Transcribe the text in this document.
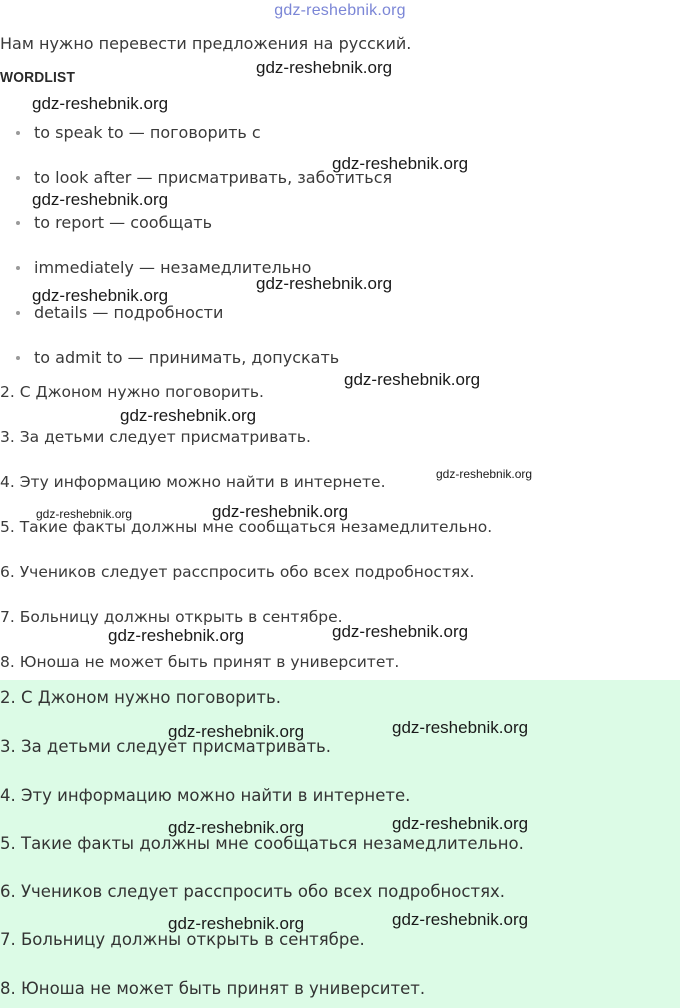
gdz-reshebnik.org
Нам нужно перевести предложения на русский.
WORDLIST
to speak to — поговорить с
to look after — присматривать, заботиться
to report — сообщать
immediately — незамедлительно
details — подробности
to admit to — принимать, допускать
2. С Джоном нужно поговорить.
3. За детьми следует присматривать.
4. Эту информацию можно найти в интернете.
5. Такие факты должны мне сообщаться незамедлительно.
6. Учеников следует расспросить обо всех подробностях.
7. Больницу должны открыть в сентябре.
8. Юноша не может быть принят в университет.
2. С Джоном нужно поговорить.
3. За детьми следует присматривать.
4. Эту информацию можно найти в интернете.
5. Такие факты должны мне сообщаться незамедлительно.
6. Учеников следует расспросить обо всех подробностях.
7. Больницу должны открыть в сентябре.
8. Юноша не может быть принят в университет.
gdz-reshebnik.org
gdz-reshebnik.org
gdz-reshebnik.org
gdz-reshebnik.org
gdz-reshebnik.org
gdz-reshebnik.org
gdz-reshebnik.org
gdz-reshebnik.org
gdz-reshebnik.org
gdz-reshebnik.org
gdz-reshebnik.org
gdz-reshebnik.org	gdz-reshebnik.org
gdz-reshebnik.org	gdz-reshebnik.org
gdz-reshebnik.org	gdz-reshebnik.org
gdz-reshebnik.org	gdz-reshebnik.org
